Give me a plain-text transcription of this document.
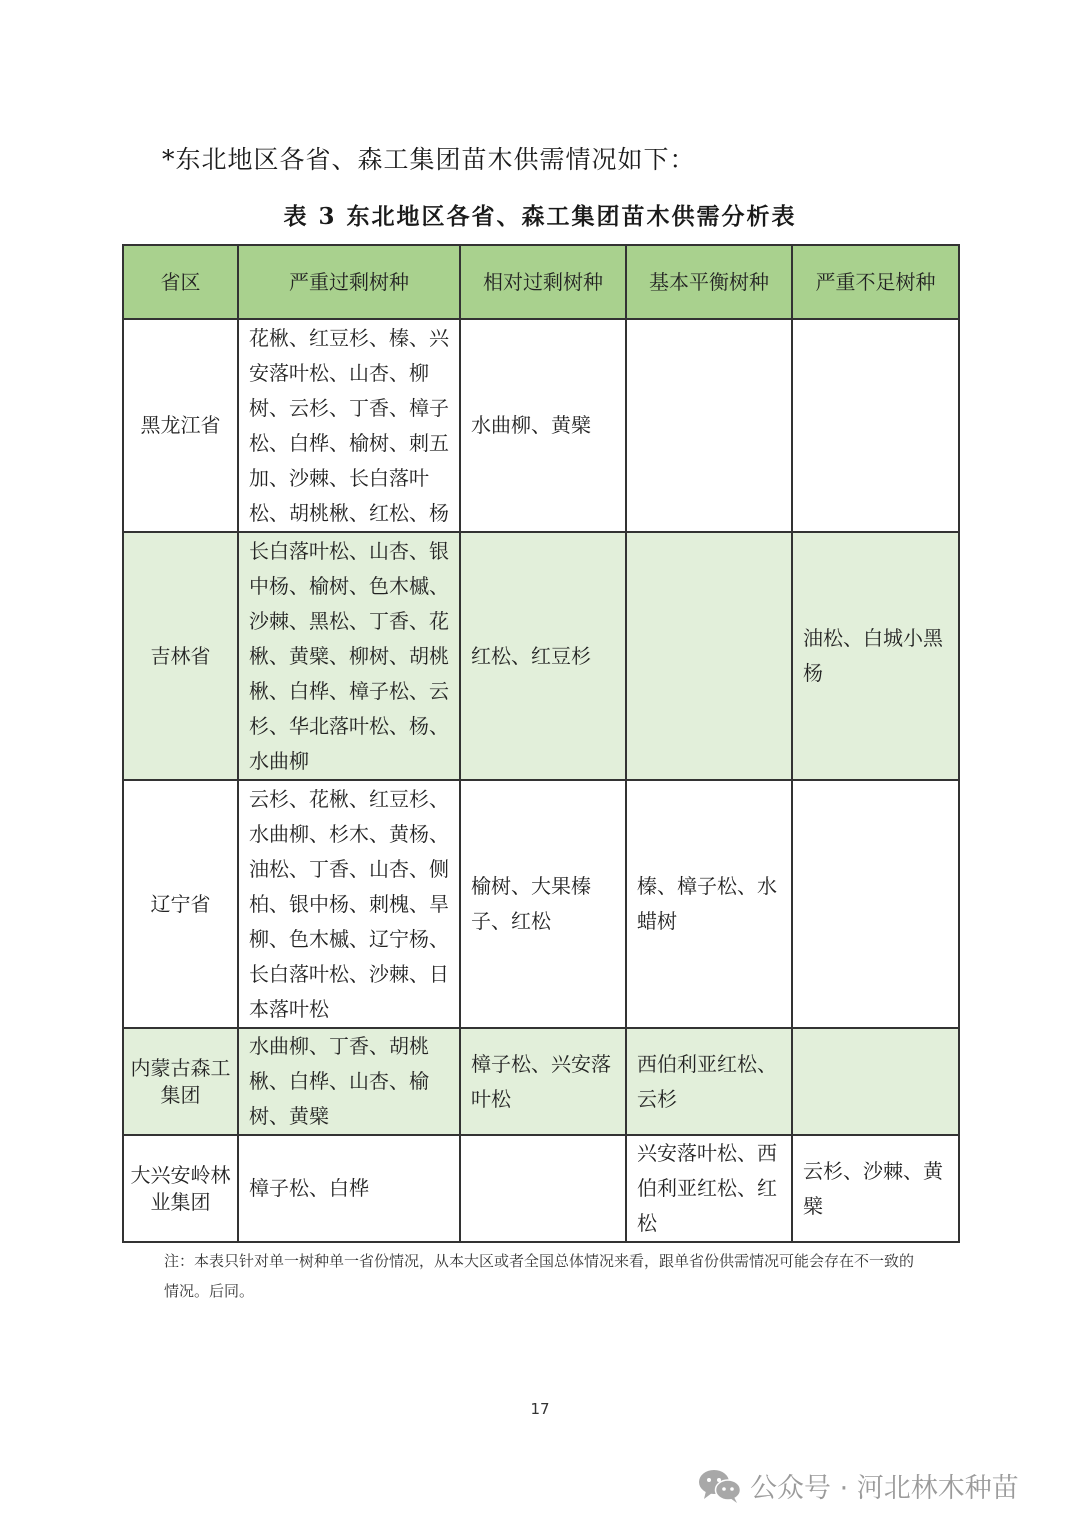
*东北地区各省、森工集团苗木供需情况如下：
表 3 东北地区各省、森工集团苗木供需分析表
省区	严重过剩树种	相对过剩树种	基本平衡树种	严重不足树种
黑龙江省	花楸、红豆杉、榛、兴安落叶松、山杏、柳树、云杉、丁香、樟子松、白桦、榆树、刺五加、沙棘、长白落叶松、胡桃楸、红松、杨	水曲柳、黄檗		
吉林省	长白落叶松、山杏、银中杨、榆树、色木槭、沙棘、黑松、丁香、花楸、黄檗、柳树、胡桃楸、白桦、樟子松、云杉、华北落叶松、杨、水曲柳	红松、红豆杉		油松、白城小黑杨
辽宁省	云杉、花楸、红豆杉、水曲柳、杉木、黄杨、油松、丁香、山杏、侧柏、银中杨、刺槐、旱柳、色木槭、辽宁杨、长白落叶松、沙棘、日本落叶松	榆树、大果榛子、红松	榛、樟子松、水蜡树	
内蒙古森工集团	水曲柳、丁香、胡桃楸、白桦、山杏、榆树、黄檗	樟子松、兴安落叶松	西伯利亚红松、云杉	
大兴安岭林业集团	樟子松、白桦		兴安落叶松、西伯利亚红松、红松	云杉、沙棘、黄檗
注：本表只针对单一树种单一省份情况，从本大区或者全国总体情况来看，跟单省份供需情况可能会存在不一致的情况。后同。
17
公众号 · 河北林木种苗
